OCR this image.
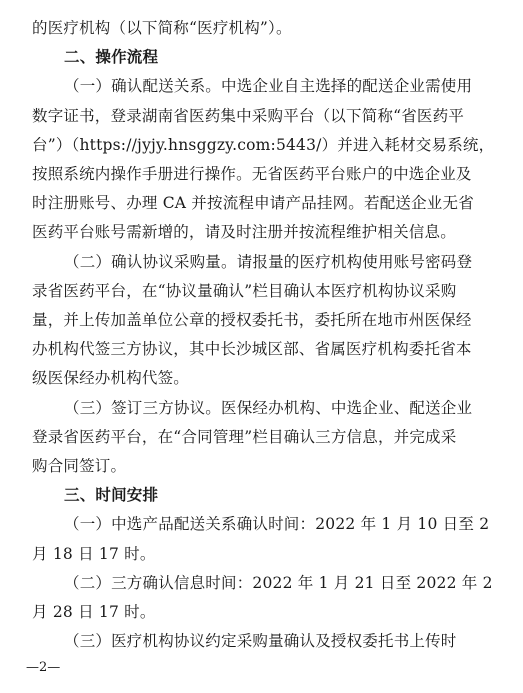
的医疗机构（以下简称“医疗机构”）。
二、操作流程
（一）确认配送关系。中选企业自主选择的配送企业需使用
数字证书，登录湖南省医药集中采购平台（以下简称“省医药平
台”）（https://jyjy.hnsggzy.com:5443/）并进入耗材交易系统，
按照系统内操作手册进行操作。无省医药平台账户的中选企业及
时注册账号、办理 CA 并按流程申请产品挂网。若配送企业无省
医药平台账号需新增的，请及时注册并按流程维护相关信息。
（二）确认协议采购量。请报量的医疗机构使用账号密码登
录省医药平台，在“协议量确认”栏目确认本医疗机构协议采购
量，并上传加盖单位公章的授权委托书，委托所在地市州医保经
办机构代签三方协议，其中长沙城区部、省属医疗机构委托省本
级医保经办机构代签。
（三）签订三方协议。医保经办机构、中选企业、配送企业
登录省医药平台，在“合同管理”栏目确认三方信息，并完成采
购合同签订。
三、时间安排
（一）中选产品配送关系确认时间：2022 年 1 月 10 日至 2
月 18 日 17 时。
（二）三方确认信息时间：2022 年 1 月 21 日至 2022 年 2
月 28 日 17 时。
—2—
（三）医疗机构协议约定采购量确认及授权委托书上传时
